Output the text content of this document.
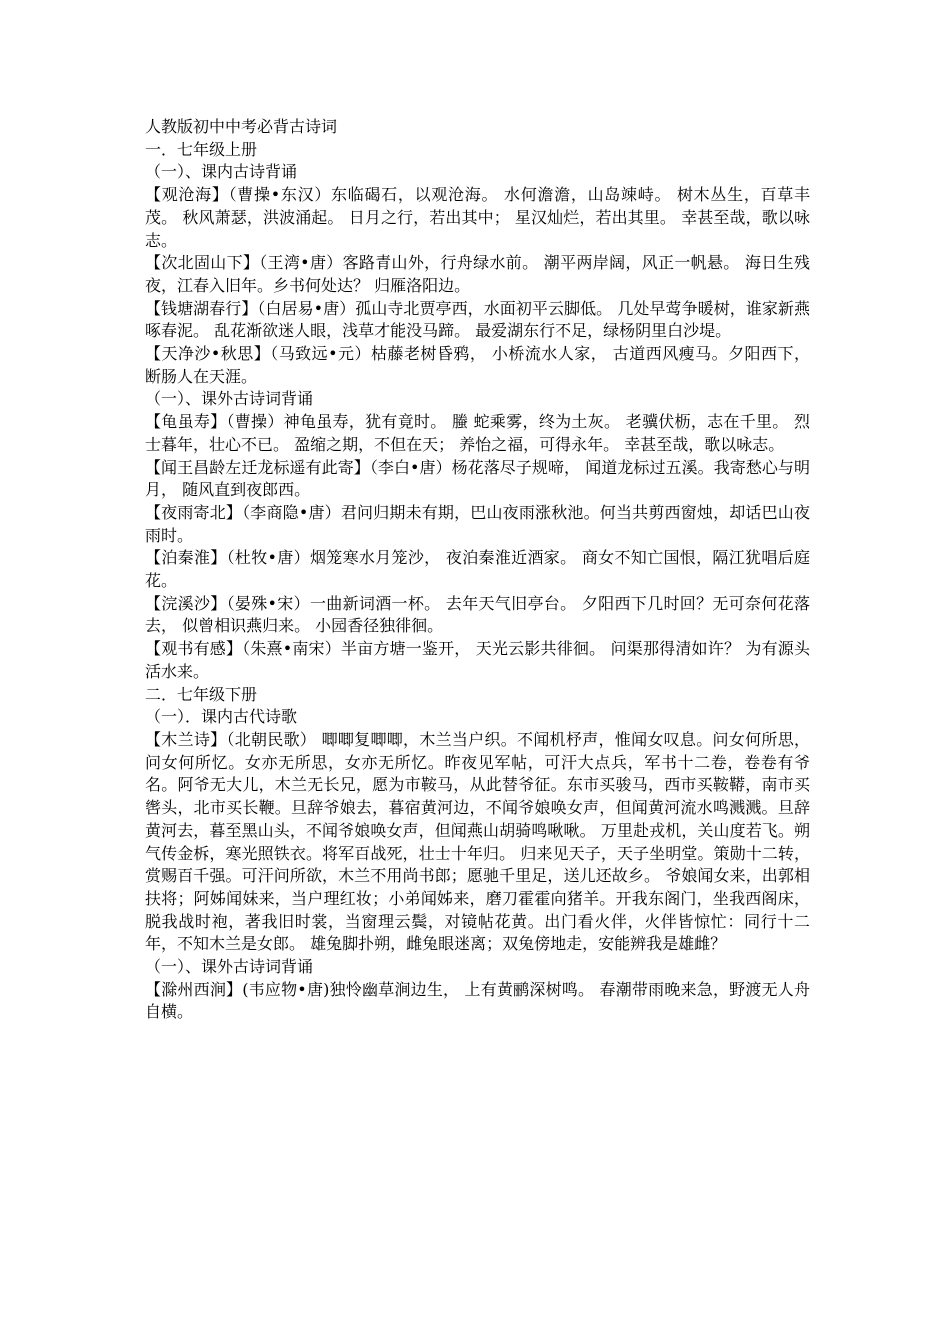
人教版初中中考必背古诗词

一．七年级上册

（一）、课内古诗背诵

【观沧海】（曹操•东汉）东临碣石，以观沧海。 水何澹澹，山岛竦峙。 树木丛生，百草丰茂。 秋风萧瑟，洪波涌起。 日月之行，若出其中； 星汉灿烂，若出其里。 幸甚至哉，歌以咏志。

【次北固山下】（王湾•唐）客路青山外，行舟绿水前。 潮平两岸阔，风正一帆悬。 海日生残夜，江春入旧年。乡书何处达？ 归雁洛阳边。

【钱塘湖春行】（白居易•唐）孤山寺北贾亭西，水面初平云脚低。 几处早莺争暖树，谁家新燕啄春泥。 乱花渐欲迷人眼，浅草才能没马蹄。 最爱湖东行不足，绿杨阴里白沙堤。

【天净沙•秋思】（马致远•元）枯藤老树昏鸦， 小桥流水人家， 古道西风瘦马。夕阳西下， 断肠人在天涯。

（一）、课外古诗词背诵

【龟虽寿】（曹操）神龟虽寿，犹有竟时。 螣 蛇乘雾，终为土灰。 老骥伏枥，志在千里。 烈士暮年，壮心不已。 盈缩之期，不但在天； 养怡之福，可得永年。 幸甚至哉，歌以咏志。

【闻王昌龄左迁龙标遥有此寄】（李白•唐）杨花落尽子规啼， 闻道龙标过五溪。我寄愁心与明月， 随风直到夜郎西。

【夜雨寄北】（李商隐•唐）君问归期未有期，巴山夜雨涨秋池。何当共剪西窗烛，却话巴山夜雨时。

【泊秦淮】（杜牧•唐）烟笼寒水月笼沙， 夜泊秦淮近酒家。 商女不知亡国恨，隔江犹唱后庭花。

【浣溪沙】（晏殊•宋）一曲新词酒一杯。 去年天气旧亭台。 夕阳西下几时回？无可奈何花落去， 似曾相识燕归来。 小园香径独徘徊。

【观书有感】（朱熹•南宋）半亩方塘一鉴开， 天光云影共徘徊。 问渠那得清如许？ 为有源头活水来。

二．七年级下册

（一）．课内古代诗歌

【木兰诗】（北朝民歌） 唧唧复唧唧，木兰当户织。不闻机杼声，惟闻女叹息。问女何所思，问女何所忆。女亦无所思，女亦无所忆。昨夜见军帖，可汗大点兵，军书十二卷，卷卷有爷名。阿爷无大儿，木兰无长兄，愿为市鞍马，从此替爷征。东市买骏马，西市买鞍鞯，南市买辔头，北市买长鞭。旦辞爷娘去，暮宿黄河边，不闻爷娘唤女声，但闻黄河流水鸣溅溅。旦辞黄河去，暮至黑山头，不闻爷娘唤女声，但闻燕山胡骑鸣啾啾。 万里赴戎机，关山度若飞。朔气传金柝，寒光照铁衣。将军百战死，壮士十年归。 归来见天子，天子坐明堂。策勋十二转，赏赐百千强。可汗问所欲，木兰不用尚书郎；愿驰千里足，送儿还故乡。 爷娘闻女来，出郭相扶将；阿姊闻妹来，当户理红妆；小弟闻姊来，磨刀霍霍向猪羊。开我东阁门，坐我西阁床，脱我战时袍，著我旧时裳，当窗理云鬓，对镜帖花黄。出门看火伴，火伴皆惊忙：同行十二年，不知木兰是女郎。 雄兔脚扑朔，雌兔眼迷离；双兔傍地走，安能辨我是雄雌？

（一）、课外古诗词背诵

【滁州西涧】(韦应物•唐)独怜幽草涧边生， 上有黄鹂深树鸣。 春潮带雨晚来急，野渡无人舟自横。
